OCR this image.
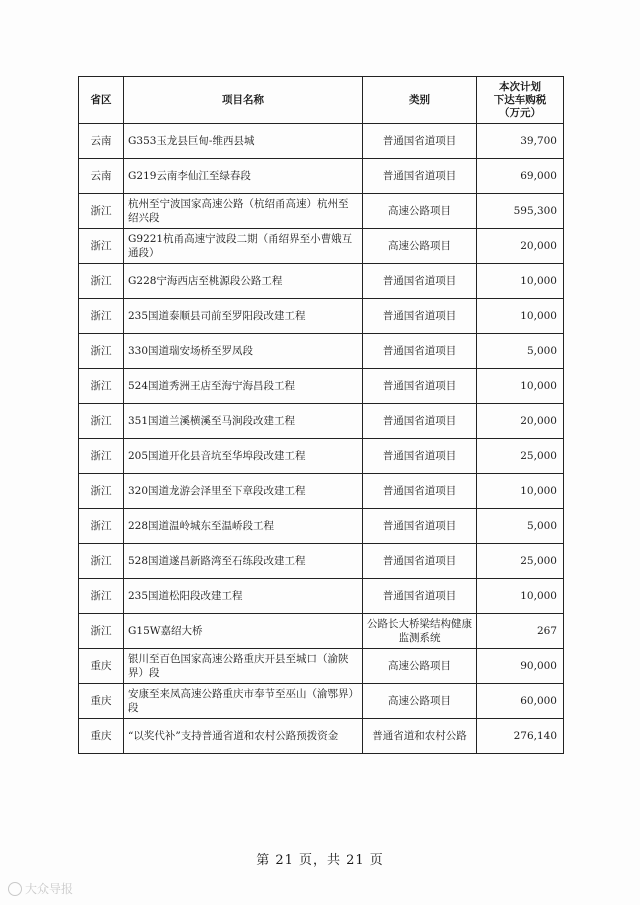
省区	项目名称	类别	本次计划
下达车购税
（万元）

云南	G353玉龙县巨甸-维西县城	普通国省道项目	39,700
云南	G219云南李仙江至绿春段	普通国省道项目	69,000
浙江	杭州至宁波国家高速公路（杭绍甬高速）杭州至绍兴段	高速公路项目	595,300
浙江	G9221杭甬高速宁波段二期（甬绍界至小曹娥互通段）	高速公路项目	20,000
浙江	G228宁海西店至桃源段公路工程	普通国省道项目	10,000
浙江	235国道泰顺县司前至罗阳段改建工程	普通国省道项目	10,000
浙江	330国道瑞安场桥至罗凤段	普通国省道项目	5,000
浙江	524国道秀洲王店至海宁海昌段工程	普通国省道项目	10,000
浙江	351国道兰溪横溪至马涧段改建工程	普通国省道项目	20,000
浙江	205国道开化县音坑至华埠段改建工程	普通国省道项目	25,000
浙江	320国道龙游会泽里至下章段改建工程	普通国省道项目	10,000
浙江	228国道温岭城东至温峤段工程	普通国省道项目	5,000
浙江	528国道遂昌新路湾至石练段改建工程	普通国省道项目	25,000
浙江	235国道松阳段改建工程	普通国省道项目	10,000
浙江	G15W嘉绍大桥	公路长大桥梁结构健康监测系统	267
重庆	银川至百色国家高速公路重庆开县至城口（渝陕界）段	高速公路项目	90,000
重庆	安康至来凤高速公路重庆市奉节至巫山（渝鄂界）段	高速公路项目	60,000
重庆	“以奖代补”支持普通省道和农村公路预拨资金	普通省道和农村公路	276,140
第 21 页，共 21 页
大众导报
